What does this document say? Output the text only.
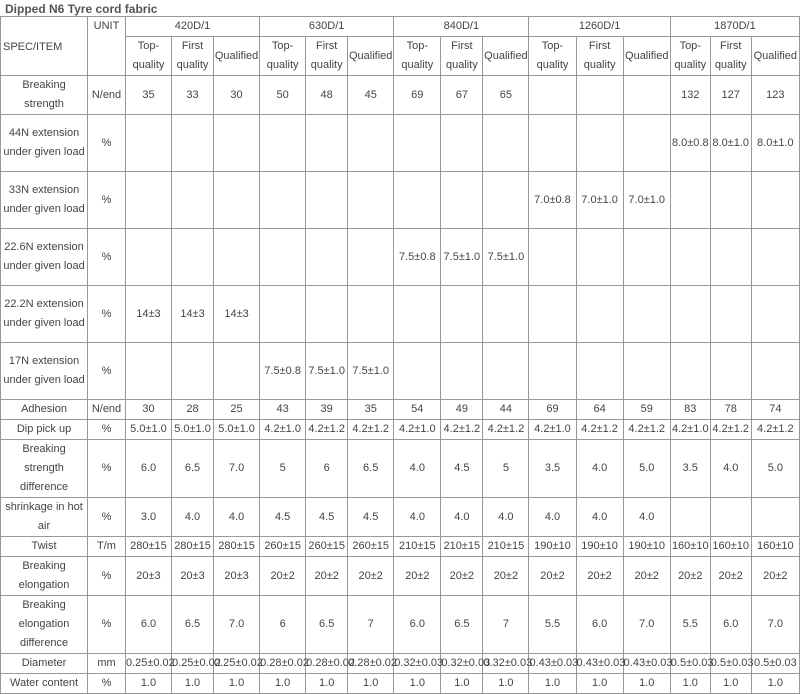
Dipped N6 Tyre cord fabric
SPEC/ITEM	UNIT	420D/1			630D/1			840D/1			1260D/1			1870D/1		
		Top-quality	First quality	Qualified	Top-quality	First quality	Qualified	Top-quality	First quality	Qualified	Top-quality	First quality	Qualified	Top-quality	First quality	Qualified
Breaking strength	N/end	35	33	30	50	48	45	69	67	65				132	127	123
44N extension under given load	%													8.0±0.8	8.0±1.0	8.0±1.0
33N extension under given load	%										7.0±0.8	7.0±1.0	7.0±1.0			
22.6N extension under given load	%							7.5±0.8	7.5±1.0	7.5±1.0						
22.2N extension under given load	%	14±3	14±3	14±3												
17N extension under given load	%				7.5±0.8	7.5±1.0	7.5±1.0									
Adhesion	N/end	30	28	25	43	39	35	54	49	44	69	64	59	83	78	74
Dip pick up	%	5.0±1.0	5.0±1.0	5.0±1.0	4.2±1.0	4.2±1.2	4.2±1.2	4.2±1.0	4.2±1.2	4.2±1.2	4.2±1.0	4.2±1.2	4.2±1.2	4.2±1.0	4.2±1.2	4.2±1.2
Breaking strength difference	%	6.0	6.5	7.0	5	6	6.5	4.0	4.5	5	3.5	4.0	5.0	3.5	4.0	5.0
shrinkage in hot air	%	3.0	4.0	4.0	4.5	4.5	4.5	4.0	4.0	4.0	4.0	4.0	4.0			
Twist	T/m	280±15	280±15	280±15	260±15	260±15	260±15	210±15	210±15	210±15	190±10	190±10	190±10	160±10	160±10	160±10
Breaking elongation	%	20±3	20±3	20±3	20±2	20±2	20±2	20±2	20±2	20±2	20±2	20±2	20±2	20±2	20±2	20±2
Breaking elongation difference	%	6.0	6.5	7.0	6	6.5	7	6.0	6.5	7	5.5	6.0	7.0	5.5	6.0	7.0
Diameter	mm	0.25±0.02	0.25±0.02	0.25±0.02	0.28±0.02	0.28±0.02	0.28±0.02	0.32±0.03	0.32±0.03	0.32±0.03	0.43±0.03	0.43±0.03	0.43±0.03	0.5±0.03	0.5±0.03	0.5±0.03
Water content	%	1.0	1.0	1.0	1.0	1.0	1.0	1.0	1.0	1.0	1.0	1.0	1.0	1.0	1.0	1.0
